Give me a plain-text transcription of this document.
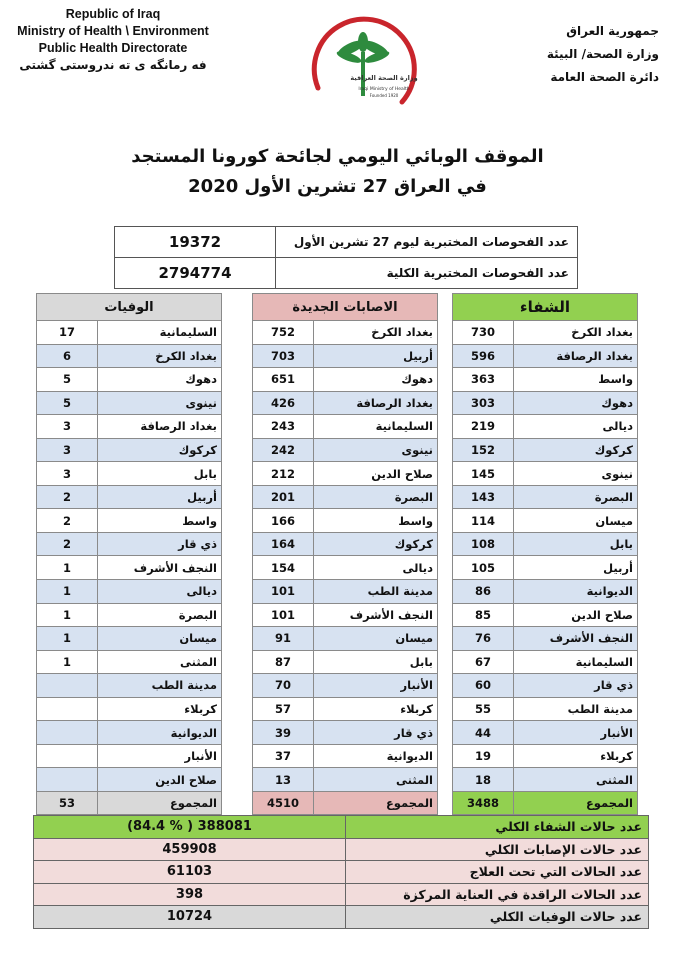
Republic of Iraq
Ministry of Health \ Environment
Public Health Directorate
فه رمانگه ى ته ندروستى گشتى
جمهورية العراق
وزارة الصحة/ البيئة
دائرة الصحة العامة
وزارة الصحة العراقية
Iraqi Ministry of Health
Founded 1920
الموقف الوبائي اليومي لجائحة كورونا المستجد
في العراق 27 تشرين الأول 2020
19372	عدد الفحوصات المختبرية ليوم 27 تشرين الأول
2794774	عدد الفحوصات المختبرية الكلية
الوفيات	
17	السليمانية
6	بغداد الكرخ
5	دهوك
5	نينوى
3	بغداد الرصافة
3	كركوك
3	بابل
2	أربيل
2	واسط
2	ذي قار
1	النجف الأشرف
1	ديالى
1	البصرة
1	ميسان
1	المثنى
	مدينة الطب
	كربلاء
	الديوانية
	الأنبار
	صلاح الدين
53	المجموع
الاصابات الجديدة	
752	بغداد الكرخ
703	أربيل
651	دهوك
426	بغداد الرصافة
243	السليمانية
242	نينوى
212	صلاح الدين
201	البصرة
166	واسط
164	كركوك
154	ديالى
101	مدينة الطب
101	النجف الأشرف
91	ميسان
87	بابل
70	الأنبار
57	كربلاء
39	ذي قار
37	الديوانية
13	المثنى
4510	المجموع
الشفاء	
730	بغداد الكرخ
596	بغداد الرصافة
363	واسط
303	دهوك
219	ديالى
152	كركوك
145	نينوى
143	البصرة
114	ميسان
108	بابل
105	أربيل
86	الديوانية
85	صلاح الدين
76	النجف الأشرف
67	السليمانية
60	ذي قار
55	مدينة الطب
44	الأنبار
19	كربلاء
18	المثنى
3488	المجموع
(84.4 % ) 388081	عدد حالات الشفاء الكلي
459908	عدد حالات الإصابات الكلي
61103	عدد الحالات التي تحت العلاج
398	عدد الحالات الراقدة في العناية المركزة
10724	عدد حالات الوفيات الكلي
